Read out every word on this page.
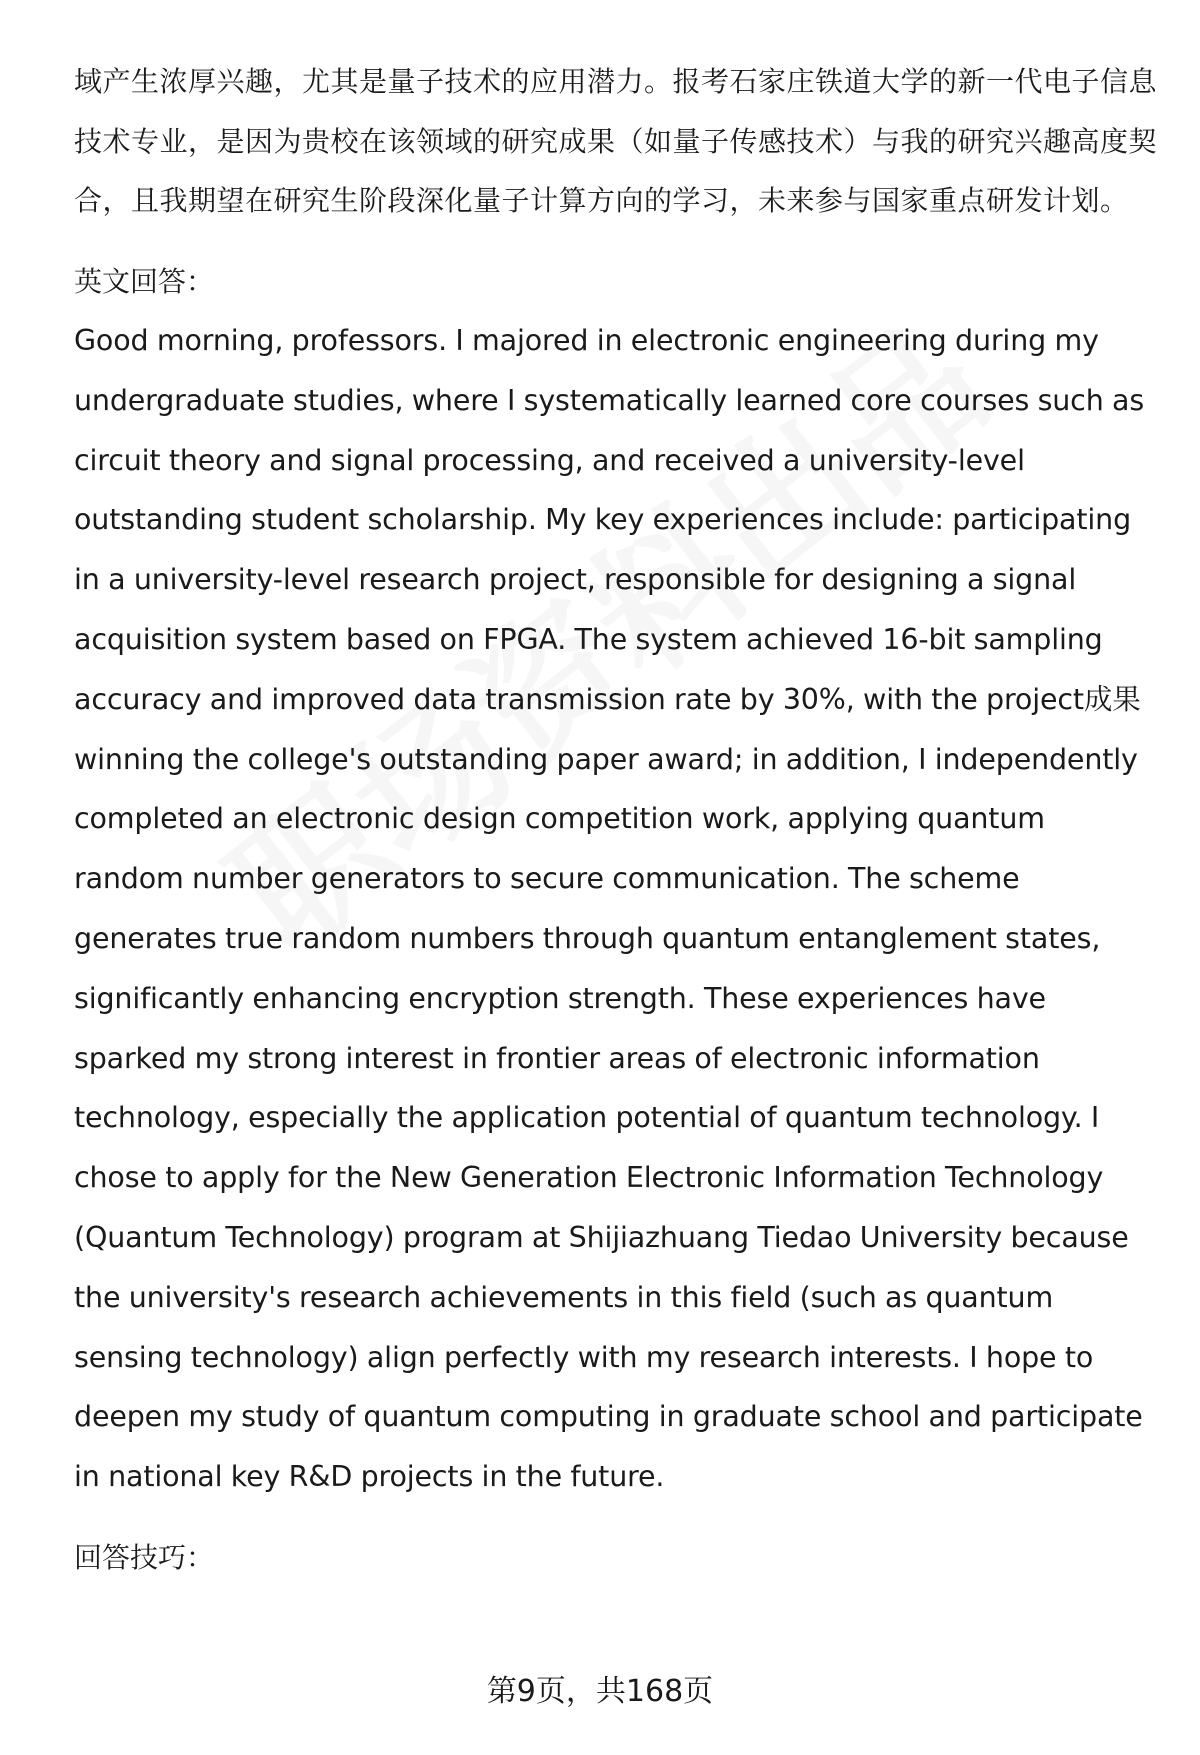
域产生浓厚兴趣，尤其是量子技术的应用潜力。报考石家庄铁道大学的新一代电子信息技术专业，是因为贵校在该领域的研究成果（如量子传感技术）与我的研究兴趣高度契合，且我期望在研究生阶段深化量子计算方向的学习，未来参与国家重点研发计划。

英文回答：

Good morning, professors. I majored in electronic engineering during my undergraduate studies, where I systematically learned core courses such as circuit theory and signal processing, and received a university-level outstanding student scholarship. My key experiences include: participating in a university-level research project, responsible for designing a signal acquisition system based on FPGA. The system achieved 16-bit sampling accuracy and improved data transmission rate by 30%, with the project成果 winning the college's outstanding paper award; in addition, I independently completed an electronic design competition work, applying quantum random number generators to secure communication. The scheme generates true random numbers through quantum entanglement states, significantly enhancing encryption strength. These experiences have sparked my strong interest in frontier areas of electronic information technology, especially the application potential of quantum technology. I chose to apply for the New Generation Electronic Information Technology (Quantum Technology) program at Shijiazhuang Tiedao University because the university's research achievements in this field (such as quantum sensing technology) align perfectly with my research interests. I hope to deepen my study of quantum computing in graduate school and participate in national key R&D projects in the future.

回答技巧：

第9页，共168页
